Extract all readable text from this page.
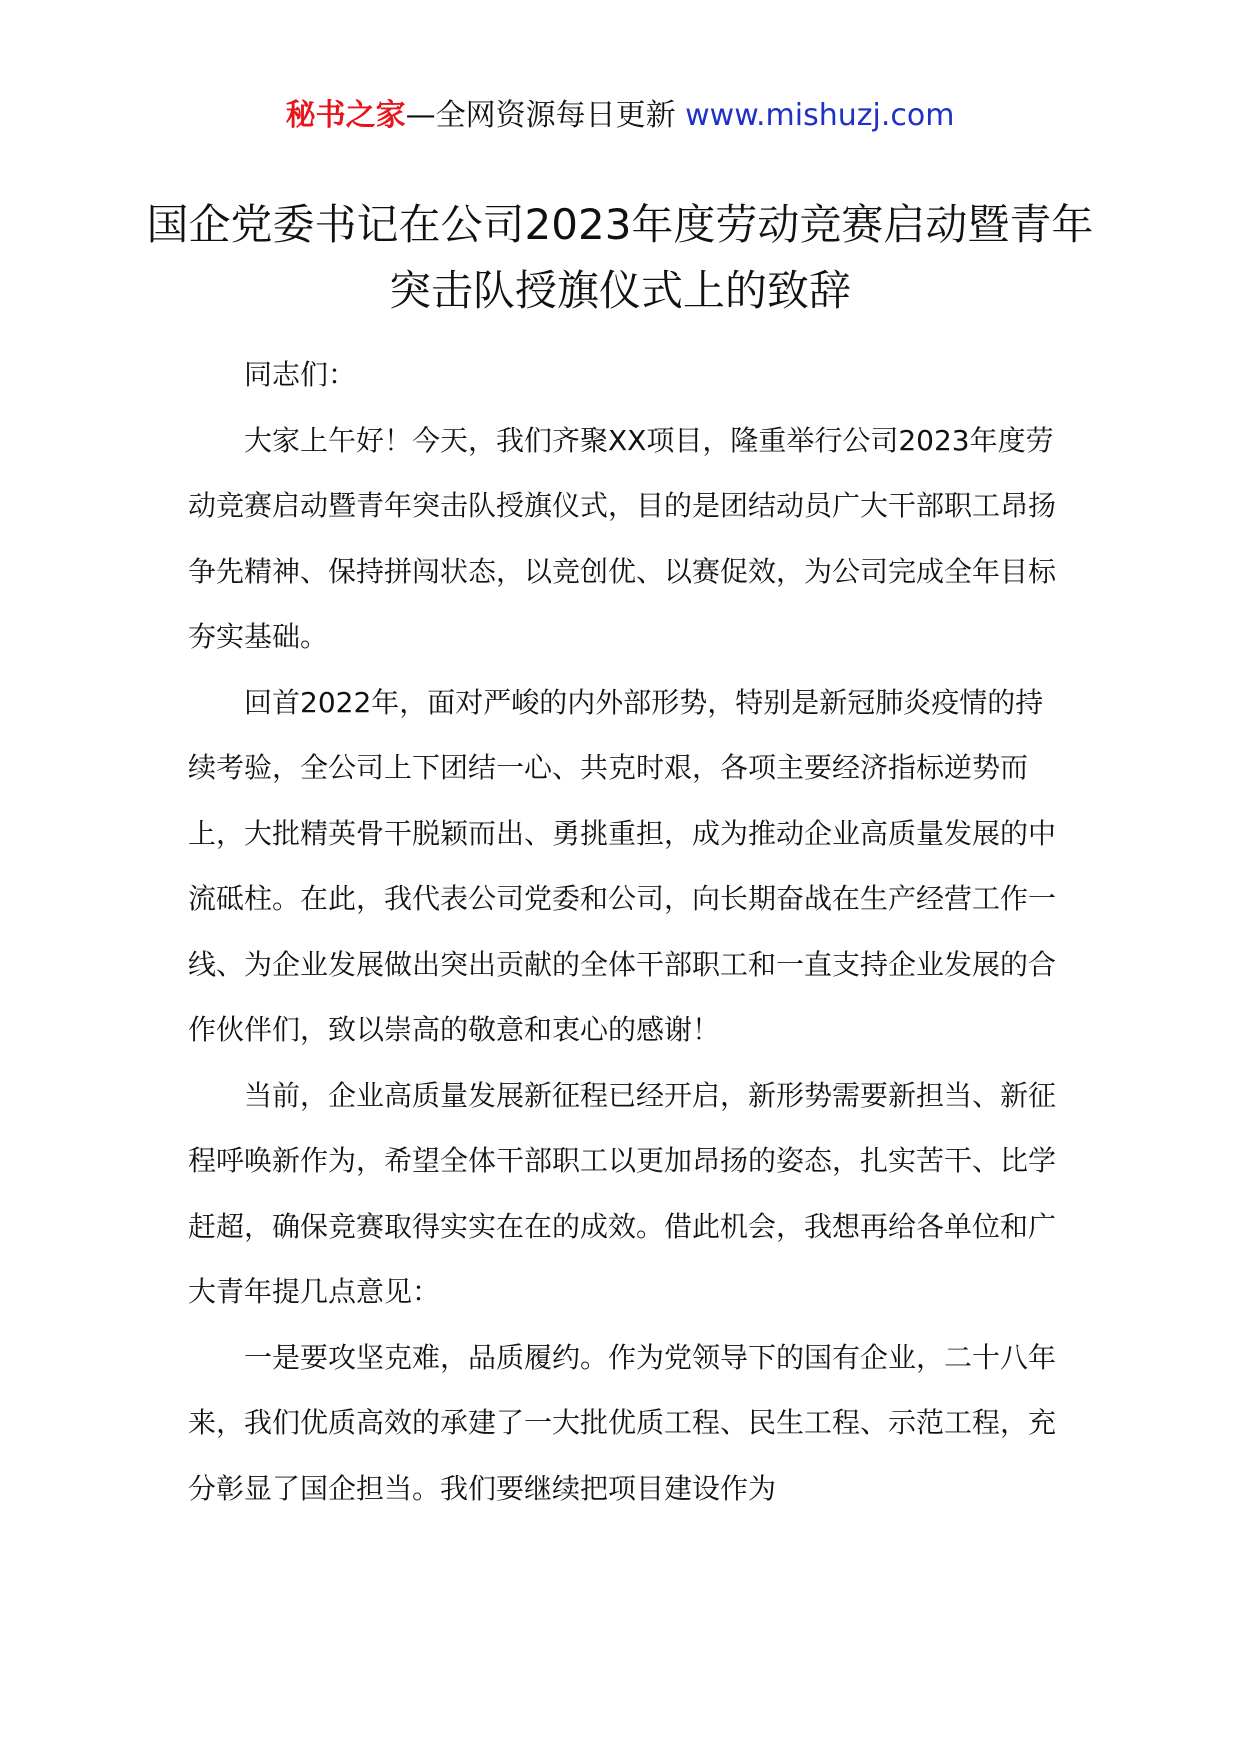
秘书之家—全网资源每日更新 www.mishuzj.com
国企党委书记在公司2023年度劳动竞赛启动暨青年突击队授旗仪式上的致辞

同志们：

大家上午好！今天，我们齐聚XX项目，隆重举行公司2023年度劳动竞赛启动暨青年突击队授旗仪式，目的是团结动员广大干部职工昂扬争先精神、保持拼闯状态，以竞创优、以赛促效，为公司完成全年目标夯实基础。

回首2022年，面对严峻的内外部形势，特别是新冠肺炎疫情的持续考验，全公司上下团结一心、共克时艰，各项主要经济指标逆势而上，大批精英骨干脱颖而出、勇挑重担，成为推动企业高质量发展的中流砥柱。在此，我代表公司党委和公司，向长期奋战在生产经营工作一线、为企业发展做出突出贡献的全体干部职工和一直支持企业发展的合作伙伴们，致以崇高的敬意和衷心的感谢！

当前，企业高质量发展新征程已经开启，新形势需要新担当、新征程呼唤新作为，希望全体干部职工以更加昂扬的姿态，扎实苦干、比学赶超，确保竞赛取得实实在在的成效。借此机会，我想再给各单位和广大青年提几点意见：

一是要攻坚克难，品质履约。作为党领导下的国有企业，二十八年来，我们优质高效的承建了一大批优质工程、民生工程、示范工程，充分彰显了国企担当。我们要继续把项目建设作为
